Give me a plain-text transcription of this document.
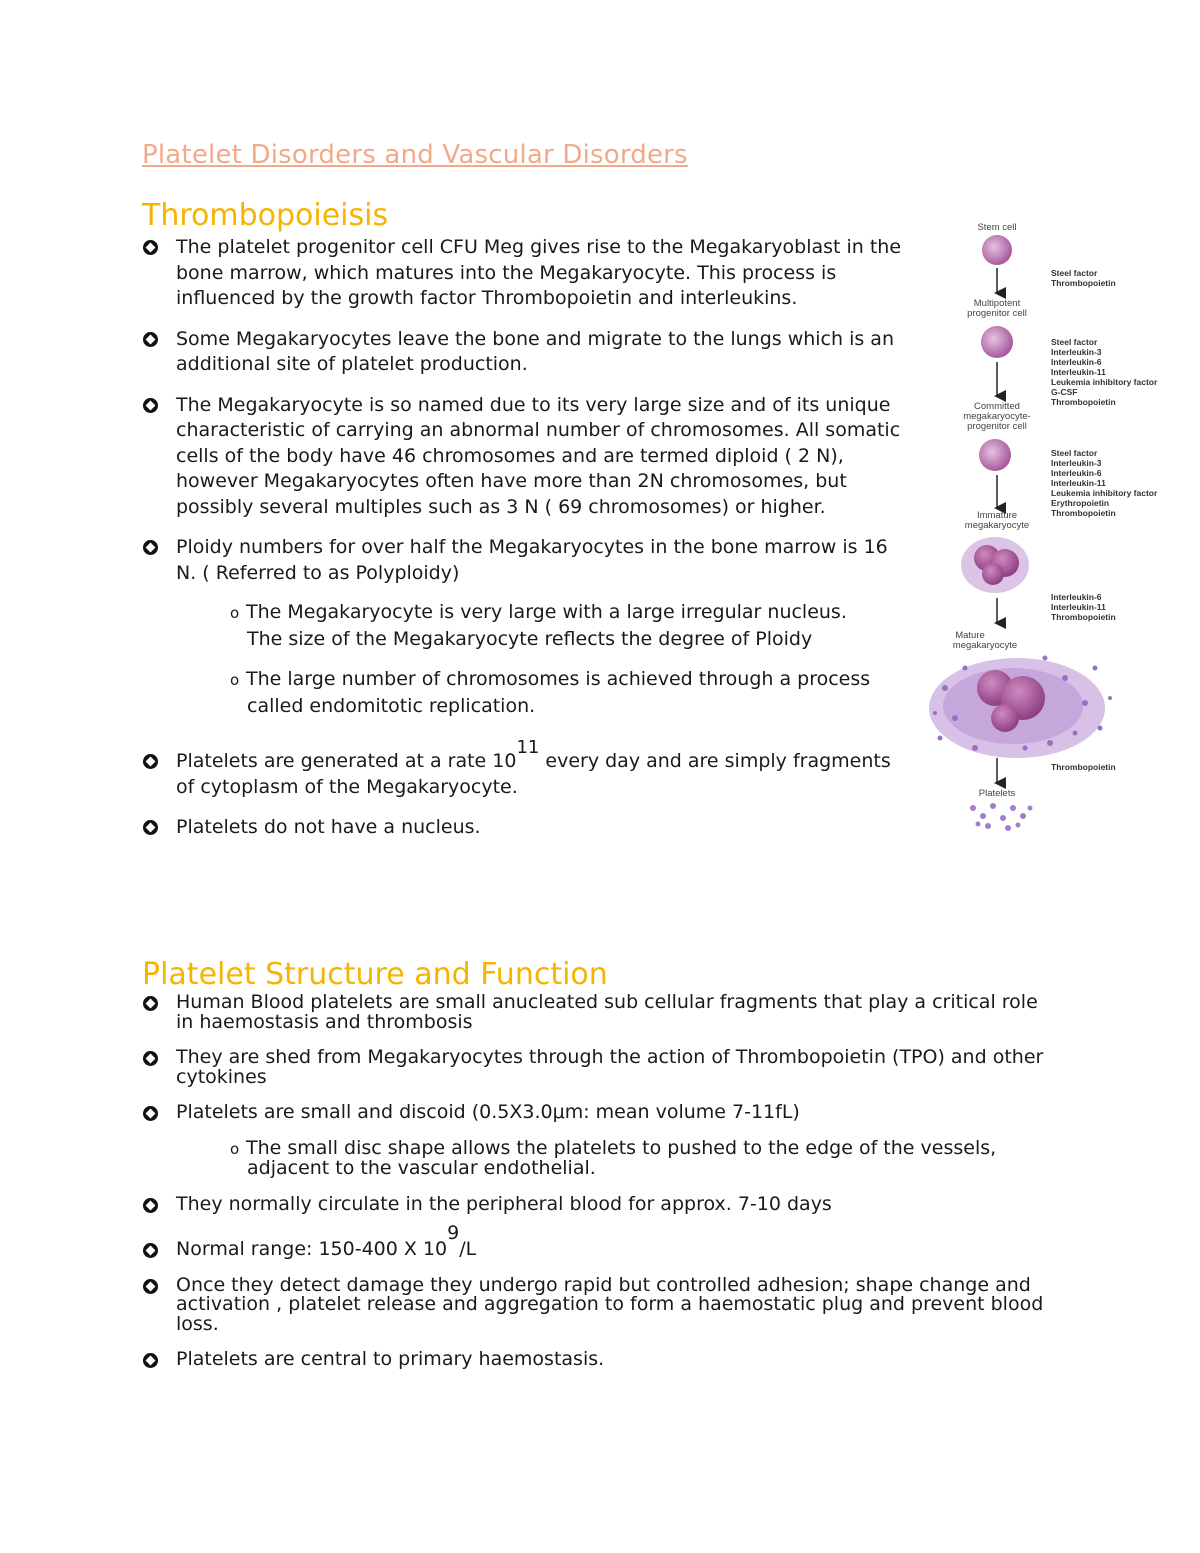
Platelet Disorders and Vascular Disorders
Thrombopoieisis
The platelet progenitor cell CFU Meg gives rise to the Megakaryoblast in the bone marrow, which matures into the Megakaryocyte. This process is influenced by the growth factor Thrombopoietin and interleukins.
Some Megakaryocytes leave the bone and migrate to the lungs which is an additional site of platelet production.
The Megakaryocyte is so named due to its very large size and of its unique characteristic of carrying an abnormal number of chromosomes. All somatic cells of the body have 46 chromosomes and are termed diploid ( 2 N), however Megakaryocytes often have more than 2N chromosomes, but possibly several multiples such as 3 N ( 69 chromosomes) or higher.
Ploidy numbers for over half the Megakaryocytes in the bone marrow is 16 N. ( Referred to as Polyploidy)
o The Megakaryocyte is very large with a large irregular nucleus. The size of the Megakaryocyte reflects the degree of Ploidy
o The large number of chromosomes is achieved through a process called endomitotic replication.
Platelets are generated at a rate 1011 every day and are simply fragments of cytoplasm of the Megakaryocyte.
Platelets do not have a nucleus.
Stem cell
Multipotent
progenitor cell
Committed
megakaryocyte-
progenitor cell
Immature
megakaryocyte
Mature
megakaryocyte
Platelets
Steel factor
Thrombopoietin
Steel factor
Interleukin-3
Interleukin-6
Interleukin-11
Leukemia inhibitory factor
G-CSF
Thrombopoietin
Steel factor
Interleukin-3
Interleukin-6
Interleukin-11
Leukemia inhibitory factor
Erythropoietin
Thrombopoietin
Interleukin-6
Interleukin-11
Thrombopoietin
Thrombopoietin
Platelet Structure and Function
Human Blood platelets are small anucleated sub cellular fragments that play a critical role in haemostasis and thrombosis
They are shed from Megakaryocytes through the action of Thrombopoietin (TPO) and other cytokines
Platelets are small and discoid (0.5X3.0μm: mean volume 7-11fL)
o The small disc shape allows the platelets to pushed to the edge of the vessels, adjacent to the vascular endothelial.
They normally circulate in the peripheral blood for approx. 7-10 days
Normal range: 150-400 X 109/L
Once they detect damage they undergo rapid but controlled adhesion; shape change and activation , platelet release and aggregation to form a haemostatic plug and prevent blood loss.
Platelets are central to primary haemostasis.
